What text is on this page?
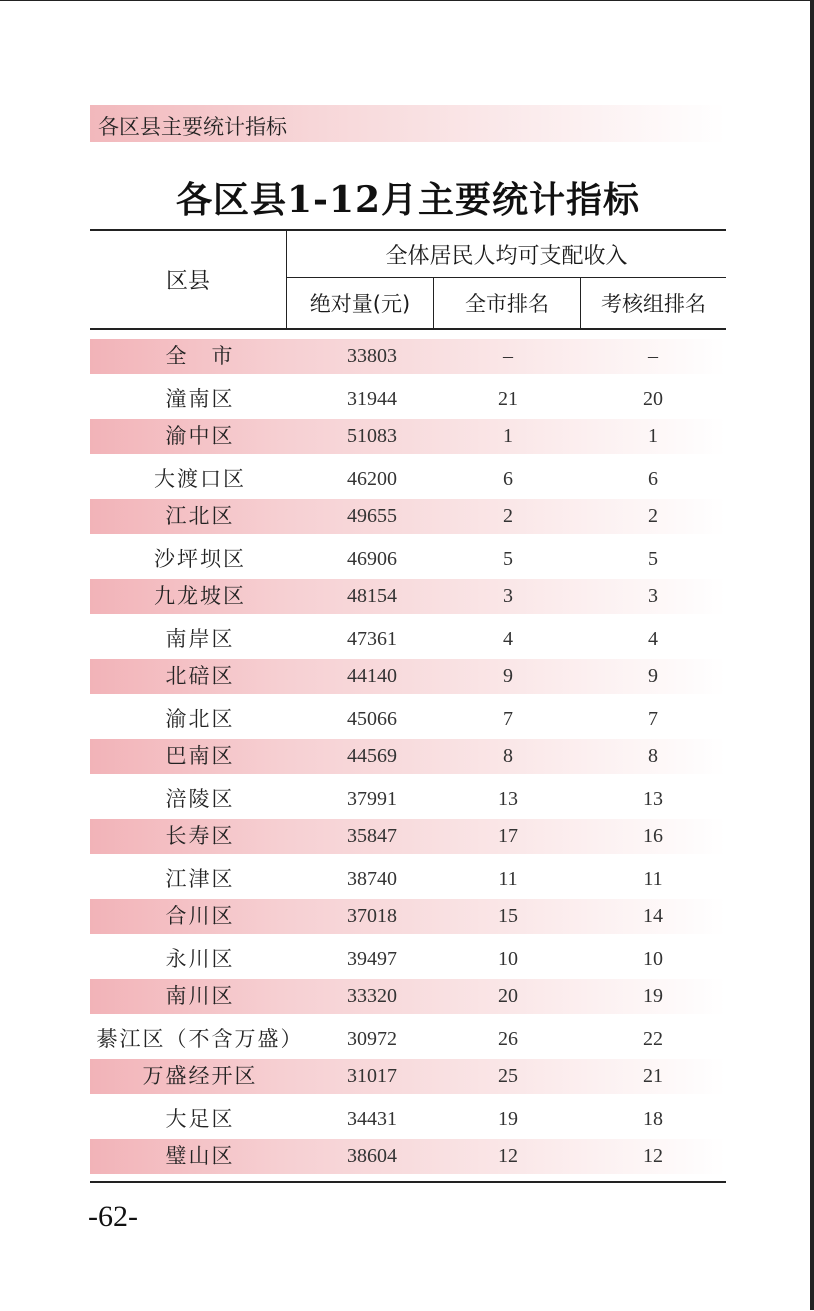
各区县主要统计指标
各区县1-12月主要统计指标
区县
全体居民人均可支配收入
绝对量(元)	全市排名	考核组排名
全　市	33803	–	–
潼南区	31944	21	20
渝中区	51083	1	1
大渡口区	46200	6	6
江北区	49655	2	2
沙坪坝区	46906	5	5
九龙坡区	48154	3	3
南岸区	47361	4	4
北碚区	44140	9	9
渝北区	45066	7	7
巴南区	44569	8	8
涪陵区	37991	13	13
长寿区	35847	17	16
江津区	38740	11	11
合川区	37018	15	14
永川区	39497	10	10
南川区	33320	20	19
綦江区（不含万盛）	30972	26	22
万盛经开区	31017	25	21
大足区	34431	19	18
璧山区	38604	12	12
-62-
